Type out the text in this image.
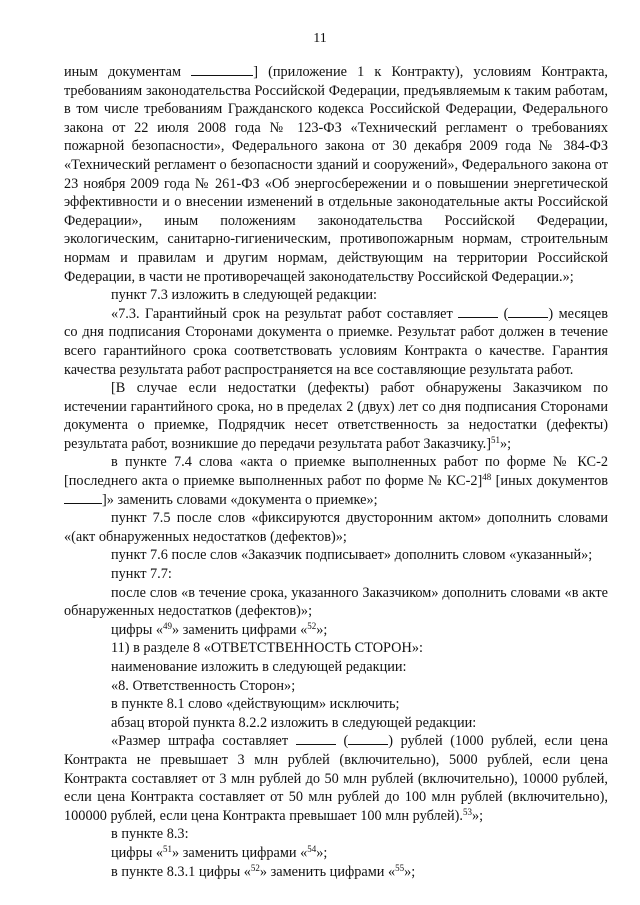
11

иным документам	] (приложение 1 к Контракту), условиям Контракта, требованиям законодательства Российской Федерации, предъявляемым к таким работам, в том числе требованиям Гражданского кодекса Российской Федерации, Федерального закона от 22 июля 2008 года № 123-ФЗ «Технический регламент о требованиях пожарной безопасности», Федерального закона от 30 декабря 2009 года № 384-ФЗ «Технический регламент о безопасности зданий и сооружений», Федерального закона от 23 ноября 2009 года № 261-ФЗ «Об энергосбережении и о повышении энергетической эффективности и о внесении изменений в отдельные законодательные акты Российской Федерации», иным положениям законодательства Российской Федерации, экологическим, санитарно-гигиеническим, противопожарным нормам, строительным нормам и правилам и другим нормам, действующим на территории Российской Федерации, в части не противоречащей законодательству Российской Федерации.»;

пункт 7.3 изложить в следующей редакции:

«7.3. Гарантийный срок на результат работ составляет	(	) месяцев со дня подписания Сторонами документа о приемке. Результат работ должен в течение всего гарантийного срока соответствовать условиям Контракта о качестве. Гарантия качества результата работ распространяется на все составляющие результата работ.

[В случае если недостатки (дефекты) работ обнаружены Заказчиком по истечении гарантийного срока, но в пределах 2 (двух) лет со дня подписания Сторонами документа о приемке, Подрядчик несет ответственность за недостатки (дефекты) результата работ, возникшие до передачи результата работ Заказчику.]$^{51}$»;

в пункте 7.4 слова «акта о приемке выполненных работ по форме № КС-2 [последнего акта о приемке выполненных работ по форме № КС-2]$^{48}$ [иных документов ]» заменить словами «документа о приемке»;

пункт 7.5 после слов «фиксируются двусторонним актом» дополнить словами «(акт обнаруженных недостатков (дефектов)»;

пункт 7.6 после слов «Заказчик подписывает» дополнить словом «указанный»;

пункт 7.7:

после слов «в течение срока, указанного Заказчиком» дополнить словами «в акте обнаруженных недостатков (дефектов)»;

цифры «$^{49}$» заменить цифрами «$^{52}$»;

11) в разделе 8 «ОТВЕТСТВЕННОСТЬ СТОРОН»:

наименование изложить в следующей редакции:

«8. Ответственность Сторон»;

в пункте 8.1 слово «действующим» исключить;

абзац второй пункта 8.2.2 изложить в следующей редакции:

«Размер штрафа составляет	(	) рублей (1000 рублей, если цена Контракта не превышает 3 млн рублей (включительно), 5000 рублей, если цена Контракта составляет от 3 млн рублей до 50 млн рублей (включительно), 10000 рублей, если цена Контракта составляет от 50 млн рублей до 100 млн рублей (включительно), 100000 рублей, если цена Контракта превышает 100 млн рублей).$^{53}$»;

в пункте 8.3:

цифры «$^{51}$» заменить цифрами «$^{54}$»;

в пункте 8.3.1 цифры «$^{52}$» заменить цифрами «$^{55}$»;
